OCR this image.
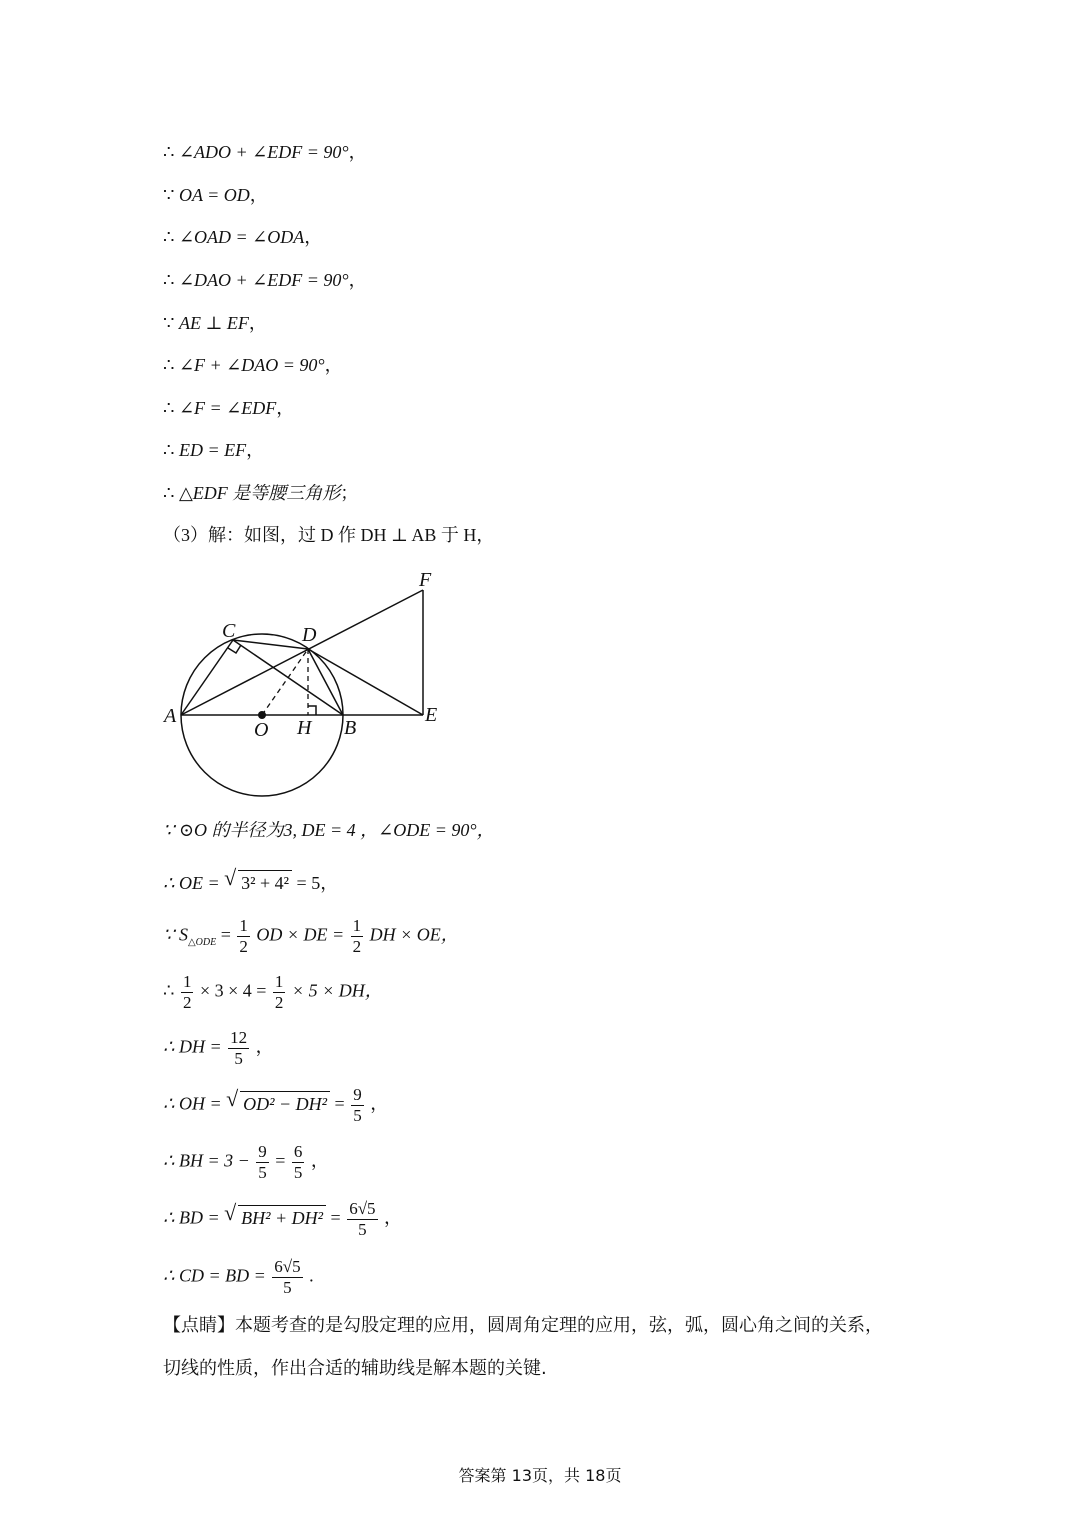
∴ ∠ADO + ∠EDF = 90°，
∵ OA = OD，
∴ ∠OAD = ∠ODA，
∴ ∠DAO + ∠EDF = 90°，
∵ AE ⊥ EF，
∴ ∠F + ∠DAO = 90°，
∴ ∠F = ∠EDF，
∴ ED = EF，
∴ △EDF 是等腰三角形；
（3）解：如图，过 D 作 DH ⊥ AB 于 H，
A
B
C	D
E
F
O H
∵ ⊙O 的半径为3, DE = 4 ，∠ODE = 90°，
∴ OE = √ 3² + 4² = 5，
∵ $S_{\triangle ODE} = \frac{1}{2}$ OD × DE = $\frac{1}{2}$ DH × OE，
∴ $\frac{1}{2} \times 3 \times 4 = \frac{1}{2} \times 5$ × DH，
∴ DH = $\frac{12}{5}$ ，
∴ OH = √ $OD^2 - DH^2 = \frac{9}{5}$ ，
∴ BH = $3 - \frac{9}{5} = \frac{6}{5}$ ，
∴ BD = √ $BH^2 + DH^2 = \frac{6√5}{5}$ ，
∴ CD = BD = $\frac{6√5}{5}$ .
【点睛】本题考查的是勾股定理的应用，圆周角定理的应用，弦，弧，圆心角之间的关系，
切线的性质，作出合适的辅助线是解本题的关键.
答案第 13页，共 18页
